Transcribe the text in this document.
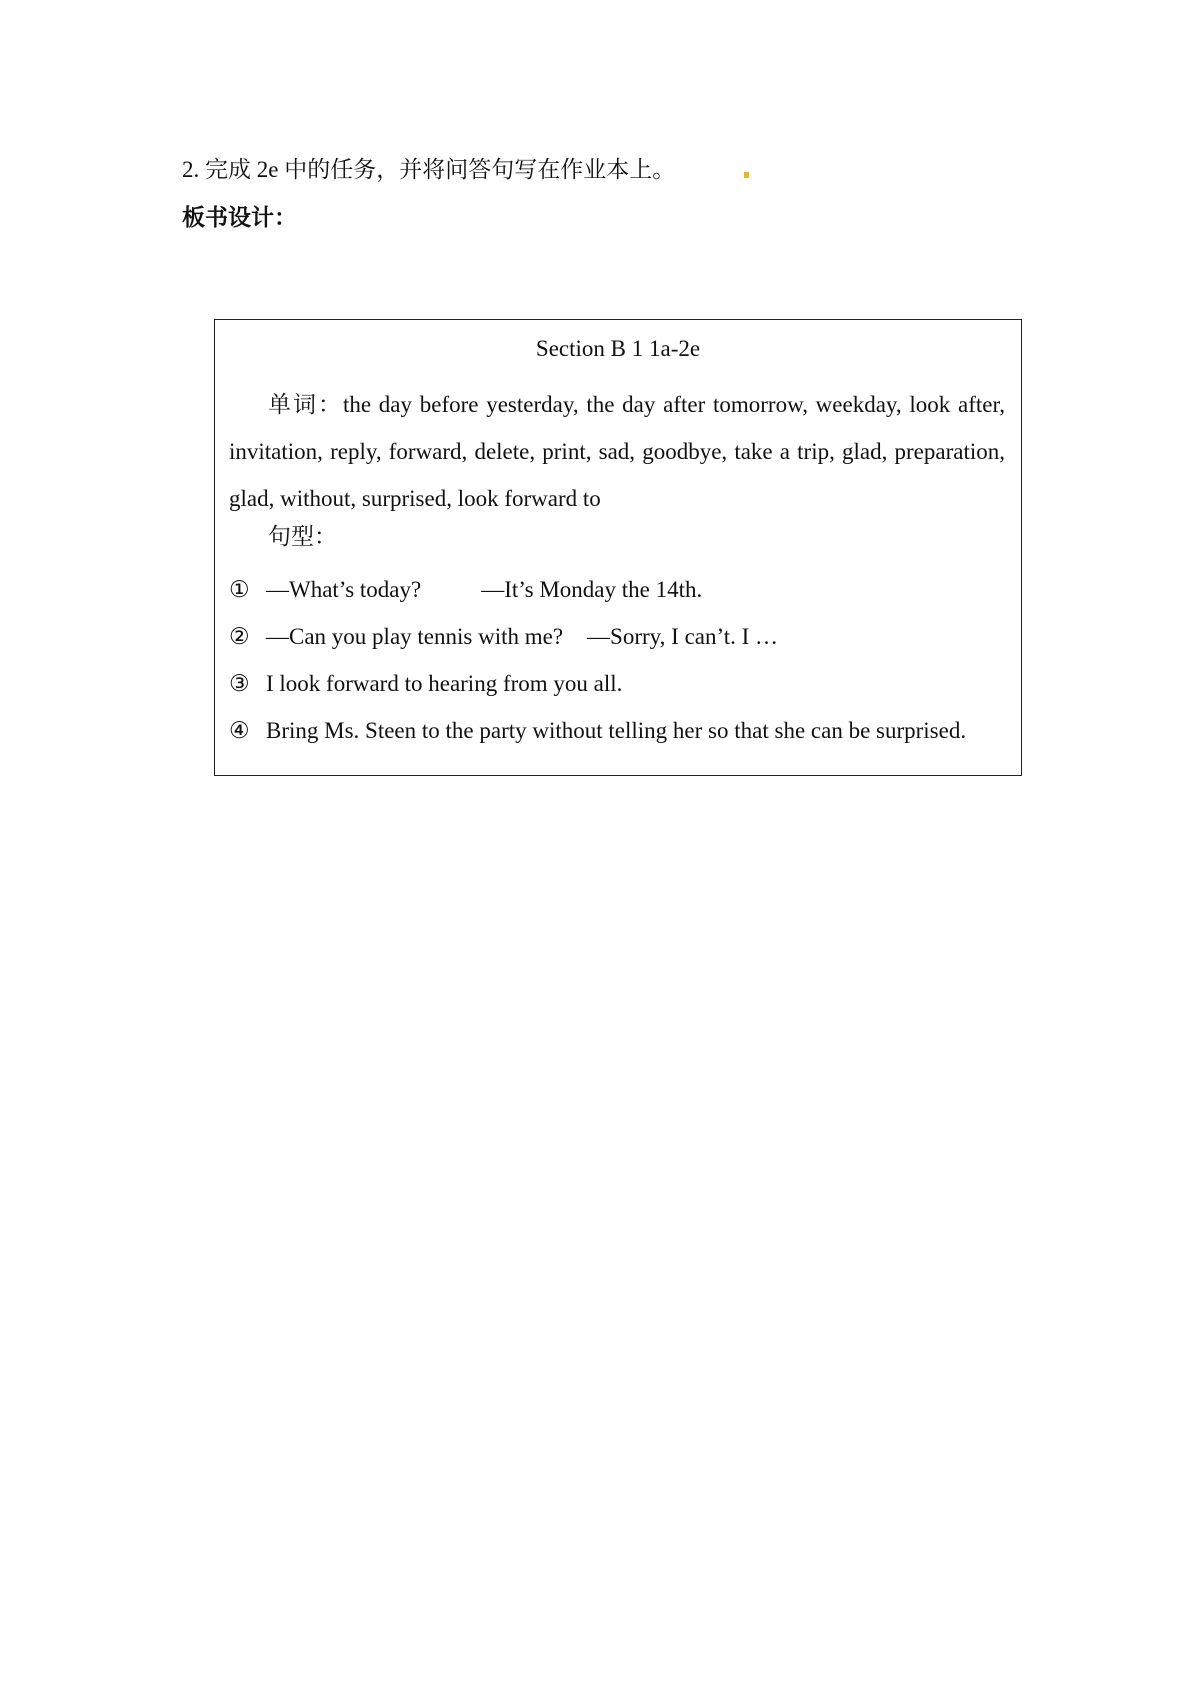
2. 完成 2e 中的任务，并将问答句写在作业本上。
板书设计：
Section B 1 1a-2e
单词：the day before yesterday, the day after tomorrow, weekday, look after, invitation, reply, forward, delete, print, sad, goodbye, take a trip, glad, preparation, glad, without, surprised, look forward to
句型：
① —What’s today?	—It’s Monday the 14th.
② —Can you play tennis with me? —Sorry, I can’t. I …
③ I look forward to hearing from you all.
④ Bring Ms. Steen to the party without telling her so that she can be surprised.
